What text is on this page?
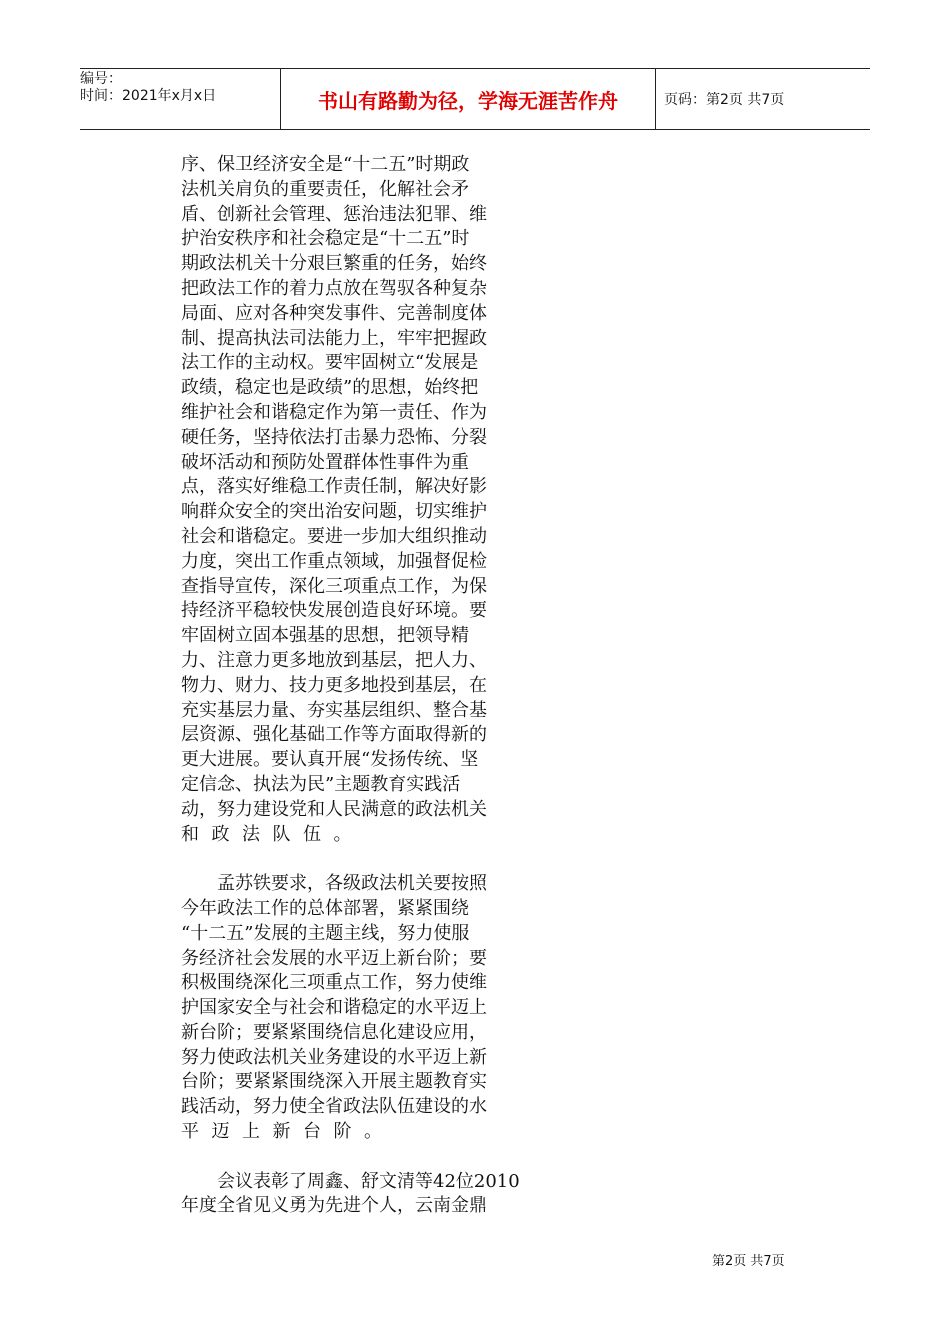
编号：
时间：2021年x月x日	书山有路勤为径，学海无涯苦作舟	页码：第2页 共7页
序、保卫经济安全是“十二五”时期政
法机关肩负的重要责任，化解社会矛
盾、创新社会管理、惩治违法犯罪、维
护治安秩序和社会稳定是“十二五”时
期政法机关十分艰巨繁重的任务，始终
把政法工作的着力点放在驾驭各种复杂
局面、应对各种突发事件、完善制度体
制、提高执法司法能力上，牢牢把握政
法工作的主动权。要牢固树立“发展是
政绩，稳定也是政绩”的思想，始终把
维护社会和谐稳定作为第一责任、作为
硬任务，坚持依法打击暴力恐怖、分裂
破坏活动和预防处置群体性事件为重
点，落实好维稳工作责任制，解决好影
响群众安全的突出治安问题，切实维护
社会和谐稳定。要进一步加大组织推动
力度，突出工作重点领域，加强督促检
查指导宣传，深化三项重点工作，为保
持经济平稳较快发展创造良好环境。要
牢固树立固本强基的思想，把领导精
力、注意力更多地放到基层，把人力、
物力、财力、技力更多地投到基层，在
充实基层力量、夯实基层组织、整合基
层资源、强化基础工作等方面取得新的
更大进展。要认真开展“发扬传统、坚
定信念、执法为民”主题教育实践活
动，努力建设党和人民满意的政法机关
和政法队伍。
　　孟苏铁要求，各级政法机关要按照
今年政法工作的总体部署，紧紧围绕
“十二五”发展的主题主线，努力使服
务经济社会发展的水平迈上新台阶；要
积极围绕深化三项重点工作，努力使维
护国家安全与社会和谐稳定的水平迈上
新台阶；要紧紧围绕信息化建设应用，
努力使政法机关业务建设的水平迈上新
台阶；要紧紧围绕深入开展主题教育实
践活动，努力使全省政法队伍建设的水
平迈上新台阶。
　　会议表彰了周鑫、舒文清等42位2010
年度全省见义勇为先进个人，云南金鼎
第2页 共7页
